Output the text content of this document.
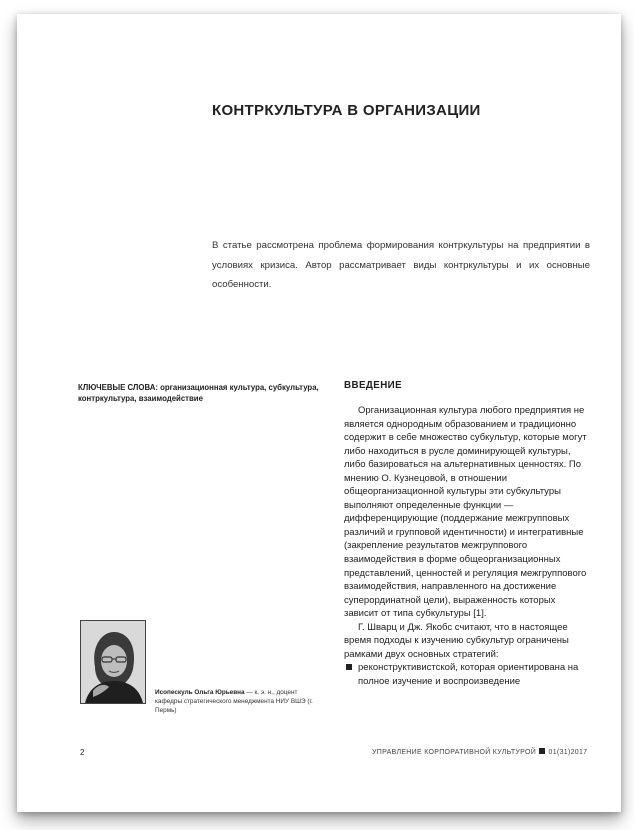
КОНТРКУЛЬТУРА В ОРГАНИЗАЦИИ
В статье рассмотрена проблема формирования контркультуры на предприятии в условиях кризиса. Автор рассматривает виды контркультуры и их основные особенности.
КЛЮЧЕВЫЕ СЛОВА: организационная культура, субкультура, контркультура, взаимодействие
ВВЕДЕНИЕ

Организационная культура любого предприятия не является однородным образованием и традиционно содержит в себе множество субкультур, которые могут либо находиться в русле доминирующей культуры, либо базироваться на альтернативных ценностях. По мнению О. Кузнецовой, в отношении общеорганизационной культуры эти субкультуры выполняют определенные функции — дифференцирующие (поддержание межгрупповых различий и групповой идентичности) и интегративные (закрепление результатов межгруппового взаимодействия в форме общеорганизационных представлений, ценностей и регуляция межгруппового взаимодействия, направленного на достижение суперординатной цели), выраженность которых зависит от типа субкультуры [1].

Г. Шварц и Дж. Якобс считают, что в настоящее время подходы к изучению субкультур ограничены рамками двух основных стратегий:

реконструктивистской, которая ориентирована на полное изучение и воспроизведение
Исопескуль Ольга Юрьевна — к. э. н., доцент кафедры стратегического менеджмента НИУ ВШЭ (г. Пермь)
2	УПРАВЛЕНИЕ КОРПОРАТИВНОЙ КУЛЬТУРОЙ 01(31)2017
